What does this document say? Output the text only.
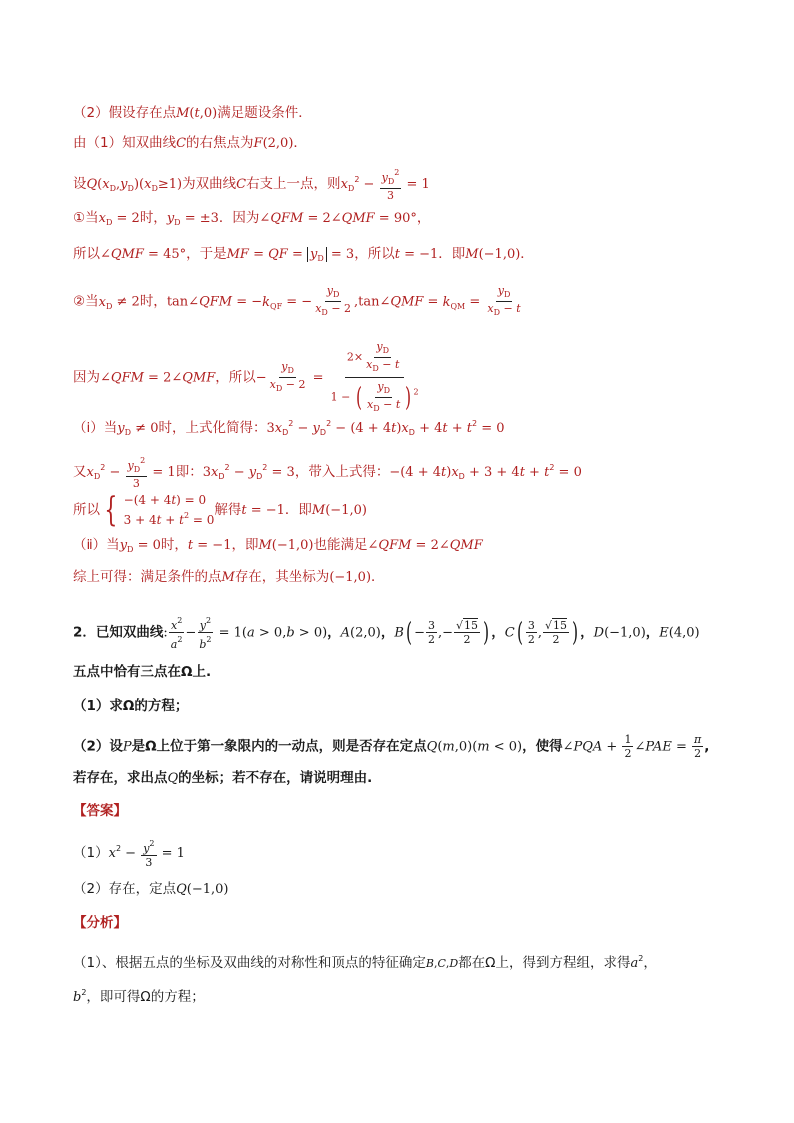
（2）假设存在点M(t,0)满足题设条件．
由（1）知双曲线C的右焦点为F(2,0)．
设$Q(x_D,y_D)(x_D\ge 1)$为双曲线C右支上一点，则$x_D^2 - \frac{y_D^2}{3} = 1$
①当$x_D = 2$时，$y_D = \pm 3$．因为∠QFM = 2∠QMF = 90°，
所以∠QMF = 45°，于是MF = QF = $y_D = 3$，所以t = −1．即M(−1,0)．
②当$x_D \ne 2$时，tan∠QFM = $-k_{QF}$ = − $\frac{y_D}{x_D - 2}$ ,tan∠QMF = $k_{QM} = \frac{y_D}{x_D - t}$
因为∠QFM = 2∠QMF，所以− $\frac{y_D}{x_D - 2} = \frac{2\times \frac{y_D}{x_D - t}}{1 - ( \frac{y_D}{x_D - t} ) ^2}$
（ⅰ）当$y_D \ne 0$时，上式化简得：$3x_D^2 - y_D^2 - (4 + 4t)x_D + 4t + t^2 = 0$
又$x_D^2 - \frac{y_D^2}{3} = 1$即：$3x_D^2 - y_D^2 = 3$，带入上式得：$-(4 + 4t)x_D + 3 + 4t + t^2 = 0$
所以 { −(4 + 4t) = 0
$3 + 4t + t^2 = 0$
解得t = −1．即M(−1,0)
（ⅱ）当$y_D = 0$时，t = −1，即M(−1,0)也能满足∠QFM = 2∠QMF
综上可得：满足条件的点M存在，其坐标为(−1,0)．
2．已知双曲线: $\frac{x^2}{a^2} - \frac{y^2}{b^2} = 1(a > 0,b > 0)$，A(2,0)，$B( - \frac{3}{2}$ ,− $\frac{√15}{2}$ ) ，$C( \frac{3}{2}$ , $\frac{√15}{2}$ ) ，D(−1,0)，E(4,0)
五点中恰有三点在Ω上.
（1）求Ω的方程；
（2）设P是Ω上位于第一象限内的一动点，则是否存在定点Q(m,0)(m < 0)，使得∠PQA + $\frac{1}{2}$ ∠PAE = $\frac{\pi}{2}$ ,
若存在，求出点Q的坐标；若不存在，请说明理由.
【答案】
$(1)x^2 - \frac{y^2}{3} = 1$
（2）存在，定点Q(−1,0)
【分析】
（1）、根据五点的坐标及双曲线的对称性和顶点的特征确定B,C,D都在Ω上，得到方程组，求得$a^2$，
$b^2$，即可得Ω的方程；
